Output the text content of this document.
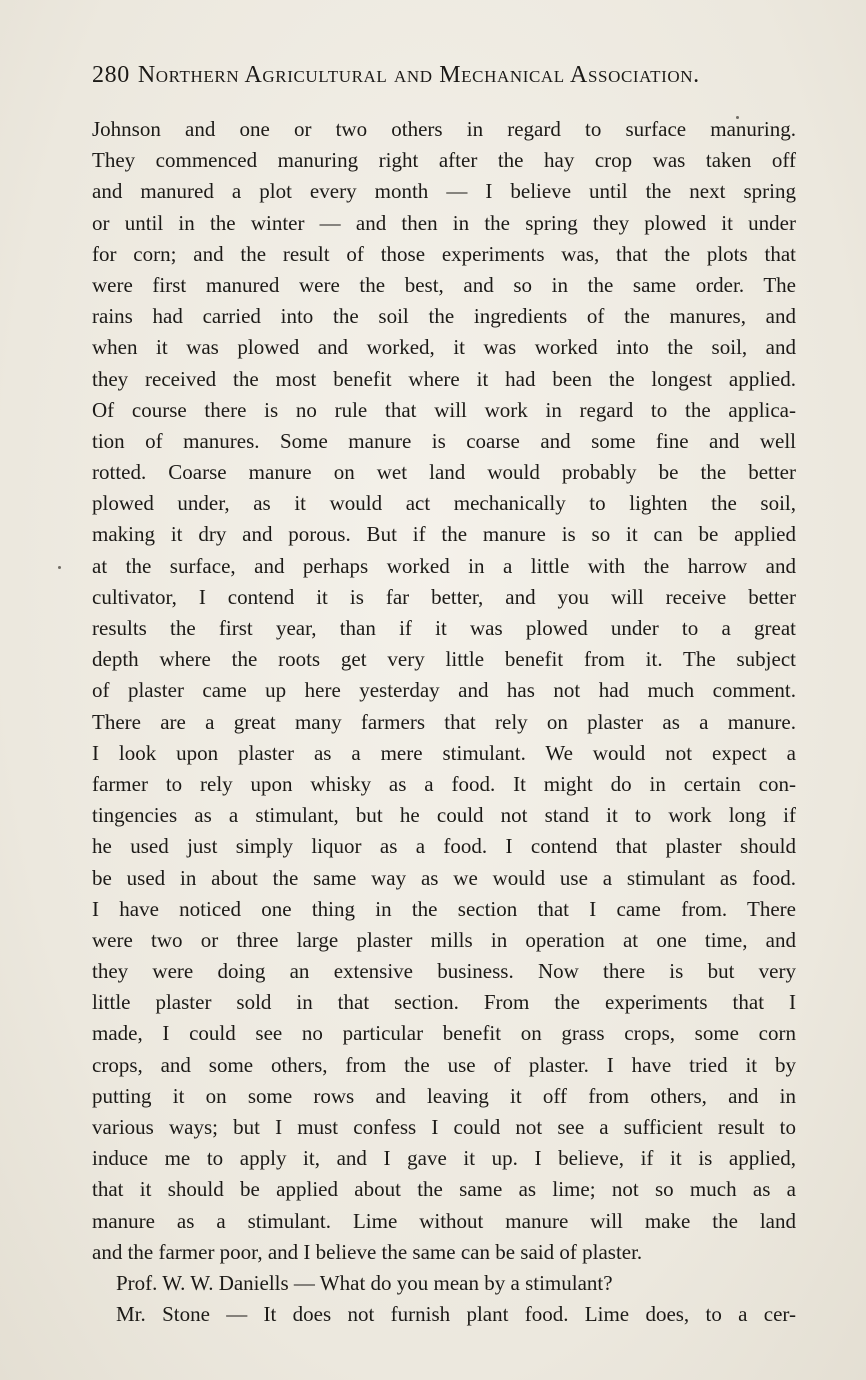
280 Northern Agricultural and Mechanical Association.
Johnson and one or two others in regard to surface manuring.
They commenced manuring right after the hay crop was taken off
and manured a plot every month — I believe until the next spring
or until in the winter — and then in the spring they plowed it under
for corn; and the result of those experiments was, that the plots that
were first manured were the best, and so in the same order. The
rains had carried into the soil the ingredients of the manures, and
when it was plowed and worked, it was worked into the soil, and
they received the most benefit where it had been the longest applied.
Of course there is no rule that will work in regard to the applica-
tion of manures. Some manure is coarse and some fine and well
rotted. Coarse manure on wet land would probably be the better
plowed under, as it would act mechanically to lighten the soil,
making it dry and porous. But if the manure is so it can be applied
at the surface, and perhaps worked in a little with the harrow and
cultivator, I contend it is far better, and you will receive better
results the first year, than if it was plowed under to a great
depth where the roots get very little benefit from it. The subject
of plaster came up here yesterday and has not had much comment.
There are a great many farmers that rely on plaster as a manure.
I look upon plaster as a mere stimulant. We would not expect a
farmer to rely upon whisky as a food. It might do in certain con-
tingencies as a stimulant, but he could not stand it to work long if
he used just simply liquor as a food. I contend that plaster should
be used in about the same way as we would use a stimulant as food.
I have noticed one thing in the section that I came from. There
were two or three large plaster mills in operation at one time, and
they were doing an extensive business. Now there is but very
little plaster sold in that section. From the experiments that I
made, I could see no particular benefit on grass crops, some corn
crops, and some others, from the use of plaster. I have tried it by
putting it on some rows and leaving it off from others, and in
various ways; but I must confess I could not see a sufficient result to
induce me to apply it, and I gave it up. I believe, if it is applied,
that it should be applied about the same as lime; not so much as a
manure as a stimulant. Lime without manure will make the land
and the farmer poor, and I believe the same can be said of plaster.
Prof. W. W. Daniells — What do you mean by a stimulant?
Mr. Stone — It does not furnish plant food. Lime does, to a cer-
